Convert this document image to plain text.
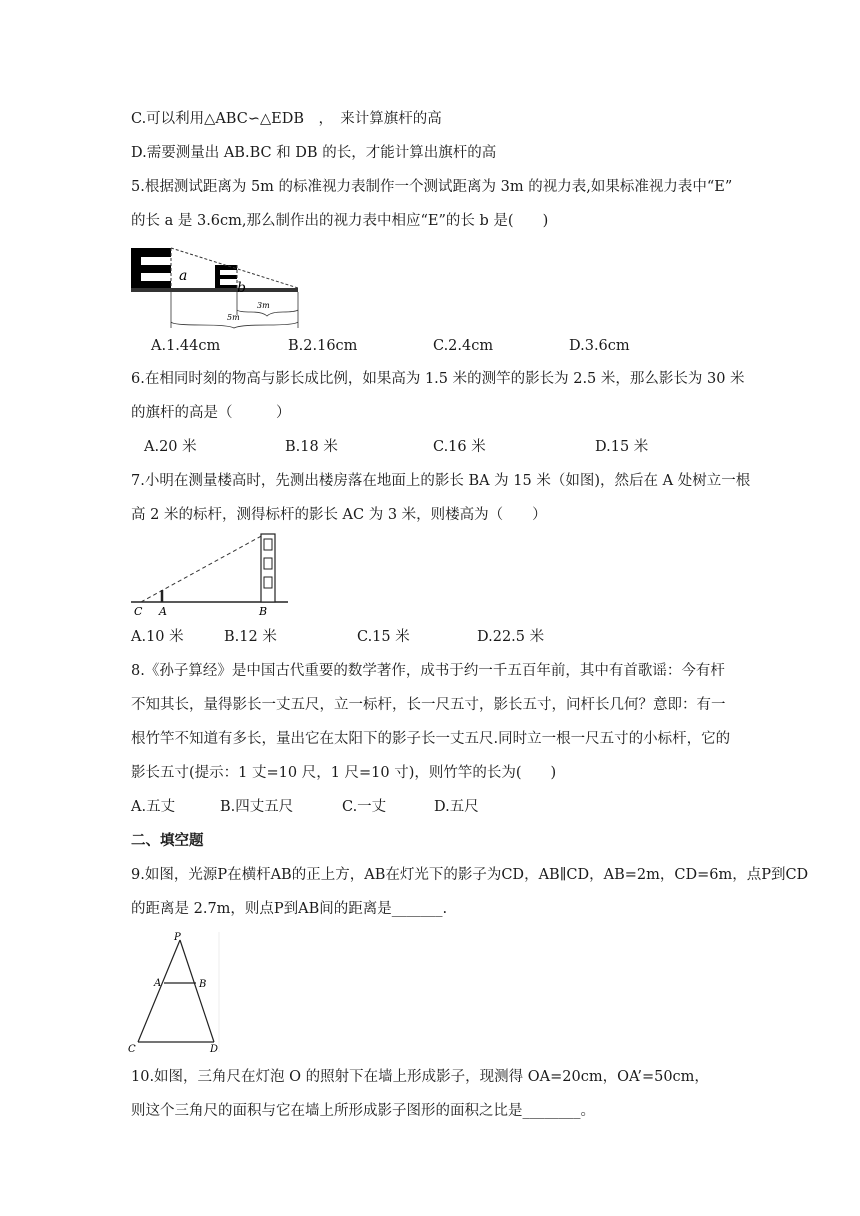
C.可以利用△ABC∽△EDB　，　来计算旗杆的高
D.需要测量出 AB.BC 和 DB 的长，才能计算出旗杆的高
5.根据测试距离为 5m 的标准视力表制作一个测试距离为 3m 的视力表,如果标准视力表中“E”
的长 a 是 3.6cm,那么制作出的视力表中相应“E”的长 b 是(　　)
a
b
3m
5m
A.1.44cm	B.2.16cm	C.2.4cm	D.3.6cm
6.在相同时刻的物高与影长成比例，如果高为 1.5 米的测竿的影长为 2.5 米，那么影长为 30 米
的旗杆的高是（　　　）
A.20 米	B.18 米	C.16 米	D.15 米
7.小明在测量楼高时，先测出楼房落在地面上的影长 BA 为 15 米（如图)，然后在 A 处树立一根
高 2 米的标杆，测得标杆的影长 AC 为 3 米，则楼高为（　　）
C A	B
A.10 米	B.12 米	C.15 米	D.22.5 米
8.《孙子算经》是中国古代重要的数学著作，成书于约一千五百年前，其中有首歌谣：今有杆
不知其长，量得影长一丈五尺，立一标杆，长一尺五寸，影长五寸，问杆长几何？意即：有一
根竹竿不知道有多长，量出它在太阳下的影子长一丈五尺.同时立一根一尺五寸的小标杆，它的
影长五寸(提示：1 丈=10 尺，1 尺=10 寸)，则竹竿的长为(　　)
A.五丈	B.四丈五尺	C.一丈	D.五尺
二、填空题
9.如图，光源P在横杆AB的正上方，AB在灯光下的影子为CD，AB∥CD，AB=2m，CD=6m，点P到CD
的距离是 2.7m，则点P到AB间的距离是_______.
P
A	B
C	D
10.如图，三角尺在灯泡 O 的照射下在墙上形成影子，现测得 OA=20cm，OA’=50cm，
则这个三角尺的面积与它在墙上所形成影子图形的面积之比是________。
